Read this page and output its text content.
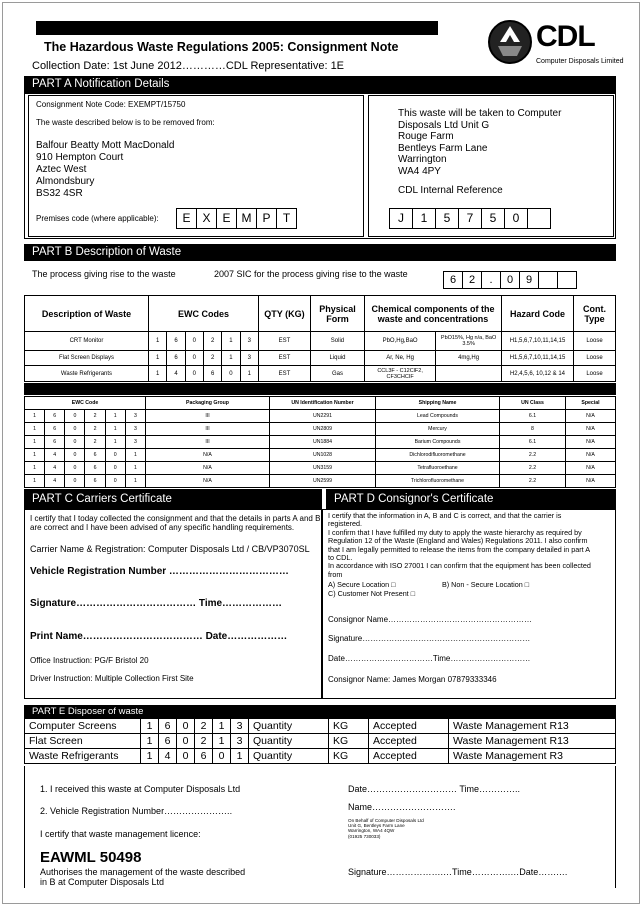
The Hazardous Waste Regulations 2005: Consignment Note
Collection Date: 1st June 2012…………CDL Representative: 1E
CDL
Computer Disposals Limited
PART A Notification Details
Consignment Note Code: EXEMPT/15750
The waste described below is to be removed from:
Balfour Beatty Mott MacDonald
910 Hempton Court
Aztec West
Almondsbury
BS32 4SR
Premises code (where applicable):	E X E M P	T
This waste will be taken to Computer
Disposals Ltd Unit G
Rouge Farm
Bentleys Farm Lane
Warrington
WA4 4PY
CDL Internal Reference
J	1	5	7	5	0
PART B Description of Waste
The process giving rise to the waste	2007 SIC for the process giving rise to the waste	6	2	.	0	9
Description of Waste	EWC Codes						QTY (KG)	Physical Form	Chemical components of the waste and concentrations		Hazard Code	Cont. Type
CRT Monitor	1	6	0	2	1	3	EST	Solid	PbO,Hg,BaO	PbO15%, Hg n/a, BaO 3.5%	H1,5,6,7,10,11,14,15	Loose
Flat Screen Displays	1	6	0	2	1	3	EST	Liquid	Ar, Ne, Hg	4mg,Hg	H1,5,6,7,10,11,14,15	Loose
Waste Refrigerants	1	4	0	6	0	1	EST	Gas	CCL3F - C12ClF2, CF3CHCIF		H2,4,5,6, 10,12 & 14	Loose
EWC Code						Packaging Group	UN Identification Number	Shipping Name	UN Class	Special
1	6	0	2	1	3	III	UN2291	Lead Compounds	6.1	N/A
1	6	0	2	1	3	III	UN2809	Mercury	8	N/A
1	6	0	2	1	3	III	UN1884	Barium Compounds	6.1	N/A
1	4	0	6	0	1	N/A	UN1028	Dichlorodifluoromethane	2.2	N/A
1	4	0	6	0	1	N/A	UN3159	Tetrafluoroethane	2.2	N/A
1	4	0	6	0	1	N/A	UN2599	Trichlorofluoromethane	2.2	N/A
PART C Carriers Certificate	PART D Consignor's Certificate
I certify that I today collected the consignment and that the details in parts A and B
are correct and I have been advised of any specific handling requirements.
Carrier Name & Registration: Computer Disposals Ltd / CB/VP3070SL
Vehicle Registration Number ………………………………
Signature……………………………… Time………………
Print Name……………………………… Date………………
Office Instruction: PG/F Bristol 20
Driver Instruction: Multiple Collection First Site
I certify that the information in A, B and C is correct, and that the carrier is
registered.
I confirm that I have fulfilled my duty to apply the waste hierarchy as required by
Regulation 12 of the Waste (England and Wales) Regulations 2011. I also confirm
that I am legally permitted to release the items from the company detailed in part A
to CDL.
In accordance with ISO 27001 I can confirm that the equipment has been collected
from
A) Secure Location □	B) Non - Secure Location □
C) Customer Not Present □
Consignor Name………………………………………………
Signature………………………………………………………
Date……………………………Time…………………………
Consignor Name: James Morgan 07879333346
PART E Disposer of waste
Computer Screens	1	6	0	2	1	3	Quantity	KG	Accepted	Waste Management R13
Flat Screen	1	6	0	2	1	3	Quantity	KG	Accepted	Waste Management R13
Waste Refrigerants	1	4	0	6	0	1	Quantity	KG	Accepted	Waste Management R3
1. I received this waste at Computer Disposals Ltd
2. Vehicle Registration Number…………………..
I certify that waste management licence:
EAWML 50498
Authorises the management of the waste described
in B at Computer Disposals Ltd
Date………………………… Time…………..
Name……………………….
On Behalf of Computer Disposals Ltd
Unit G, Bentleys Farm Lane
Warrington, WA4 4QW
(01925 730033)
Signature……………….…Time………….…Date…….…
